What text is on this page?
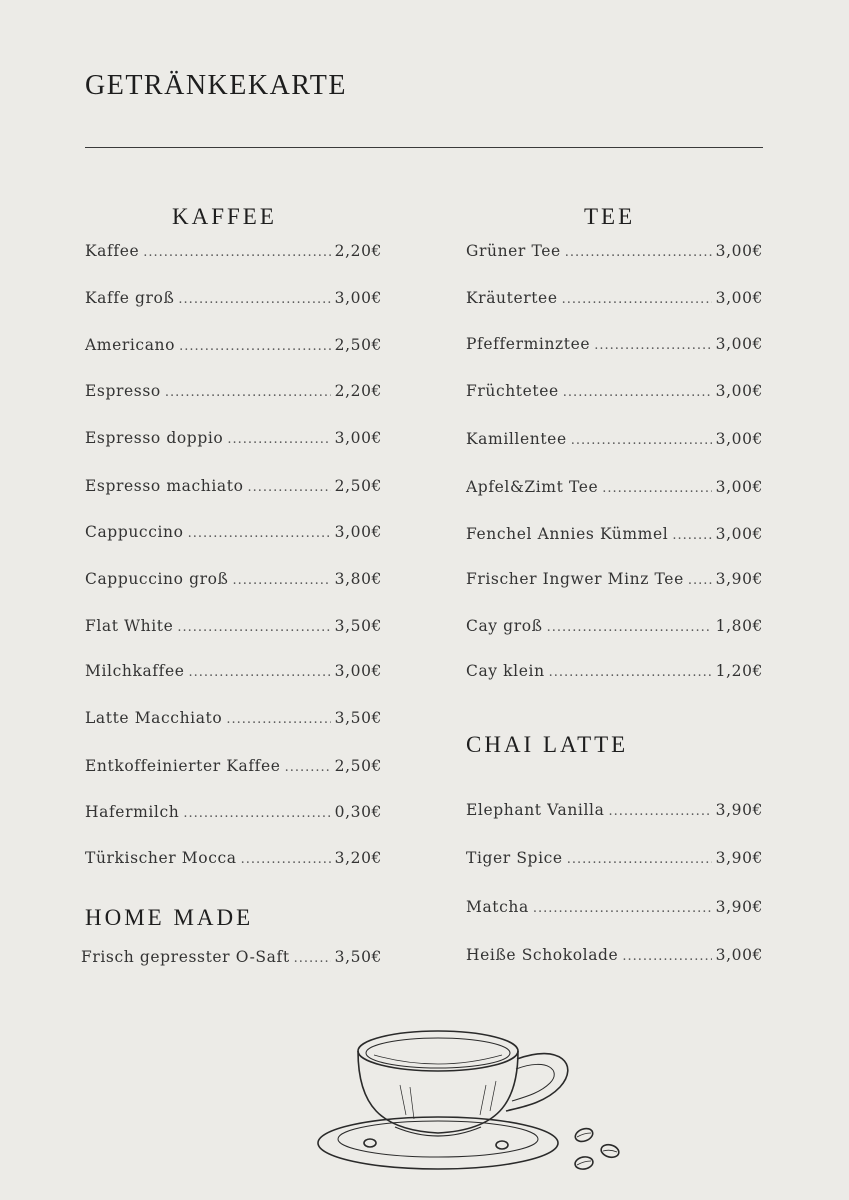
GETRÄNKEKARTE
KAFFEE
Kaffee .....	2,20€
Kaffe groß .....	3,00€
Americano .....	2,50€
Espresso .....	2,20€
Espresso doppio .....	3,00€
Espresso machiato .....	2,50€
Cappuccino .....	3,00€
Cappuccino groß .....	3,80€
Flat White .....	3,50€
Milchkaffee .....	3,00€
Latte Macchiato .....	3,50€
Entkoffeinierter Kaffee .....	2,50€
Hafermilch .....	0,30€
Türkischer Mocca .....	3,20€
HOME MADE
Frisch gepresster O-Saft .....	3,50€
TEE
Grüner Tee .....	3,00€
Kräutertee .....	3,00€
Pfefferminztee .....	3,00€
Früchtetee .....	3,00€
Kamillentee .....	3,00€
Apfel&Zimt Tee .....	3,00€
Fenchel Annies Kümmel .....	3,00€
Frischer Ingwer Minz Tee ..... 3,90€
Cay groß .....	1,80€
Cay klein .....	1,20€
CHAI LATTE
Elephant Vanilla .....	3,90€
Tiger Spice .....	3,90€
Matcha .....	3,90€
Heiße Schokolade .....	3,00€
